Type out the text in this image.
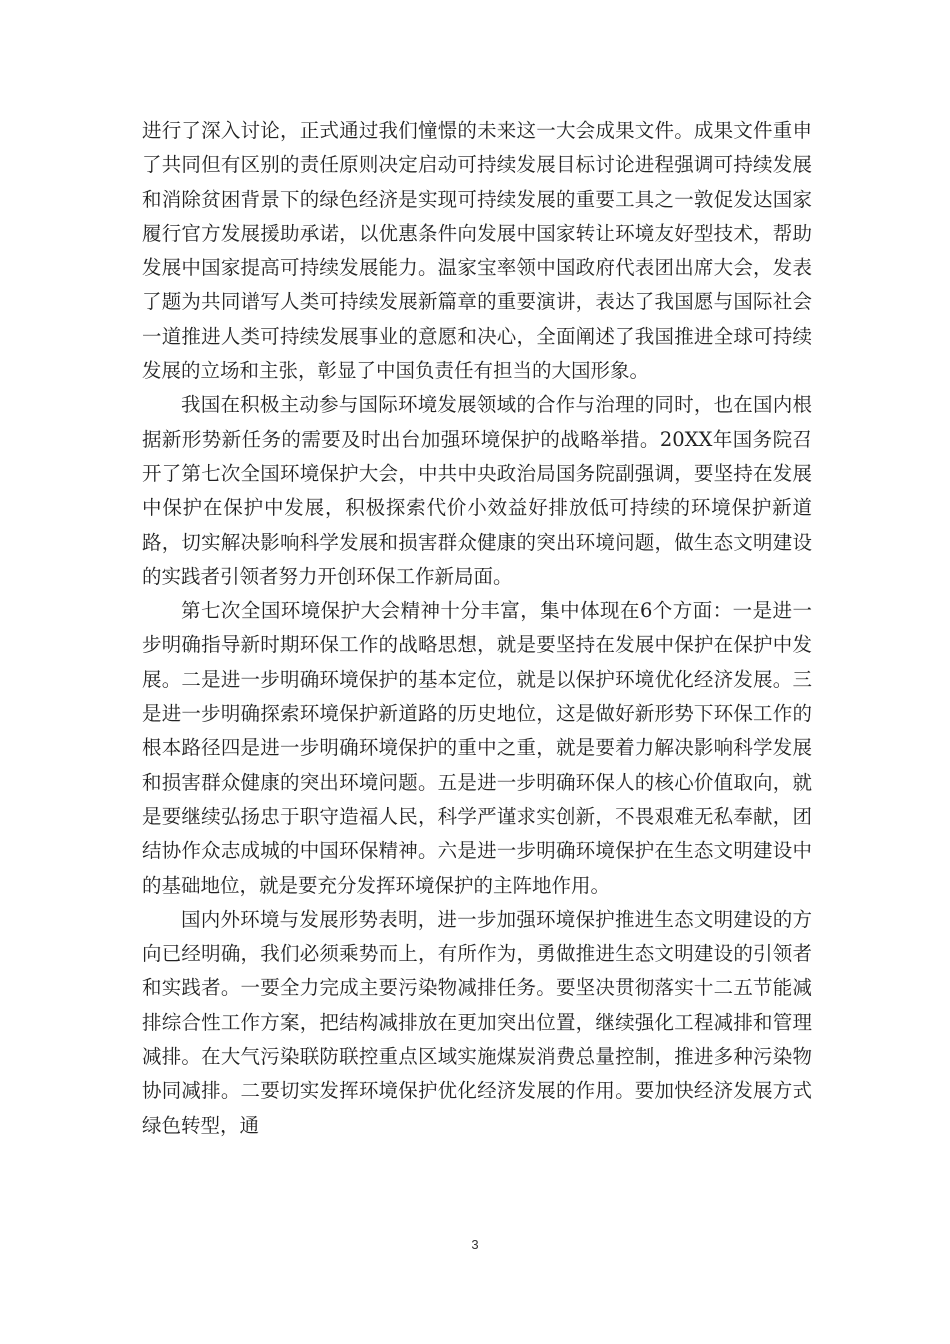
进行了深入讨论，正式通过我们憧憬的未来这一大会成果文件。成果文件重申了共同但有区别的责任原则决定启动可持续发展目标讨论进程强调可持续发展和消除贫困背景下的绿色经济是实现可持续发展的重要工具之一敦促发达国家履行官方发展援助承诺，以优惠条件向发展中国家转让环境友好型技术，帮助发展中国家提高可持续发展能力。温家宝率领中国政府代表团出席大会，发表了题为共同谱写人类可持续发展新篇章的重要演讲，表达了我国愿与国际社会一道推进人类可持续发展事业的意愿和决心，全面阐述了我国推进全球可持续发展的立场和主张，彰显了中国负责任有担当的大国形象。

我国在积极主动参与国际环境发展领域的合作与治理的同时，也在国内根据新形势新任务的需要及时出台加强环境保护的战略举措。20XX年国务院召开了第七次全国环境保护大会，中共中央政治局国务院副强调，要坚持在发展中保护在保护中发展，积极探索代价小效益好排放低可持续的环境保护新道路，切实解决影响科学发展和损害群众健康的突出环境问题，做生态文明建设的实践者引领者努力开创环保工作新局面。

第七次全国环境保护大会精神十分丰富，集中体现在6个方面：一是进一步明确指导新时期环保工作的战略思想，就是要坚持在发展中保护在保护中发展。二是进一步明确环境保护的基本定位，就是以保护环境优化经济发展。三是进一步明确探索环境保护新道路的历史地位，这是做好新形势下环保工作的根本路径四是进一步明确环境保护的重中之重，就是要着力解决影响科学发展和损害群众健康的突出环境问题。五是进一步明确环保人的核心价值取向，就是要继续弘扬忠于职守造福人民，科学严谨求实创新，不畏艰难无私奉献，团结协作众志成城的中国环保精神。六是进一步明确环境保护在生态文明建设中的基础地位，就是要充分发挥环境保护的主阵地作用。

国内外环境与发展形势表明，进一步加强环境保护推进生态文明建设的方向已经明确，我们必须乘势而上，有所作为，勇做推进生态文明建设的引领者和实践者。一要全力完成主要污染物减排任务。要坚决贯彻落实十二五节能减排综合性工作方案，把结构减排放在更加突出位置，继续强化工程减排和管理减排。在大气污染联防联控重点区域实施煤炭消费总量控制，推进多种污染物协同减排。二要切实发挥环境保护优化经济发展的作用。要加快经济发展方式绿色转型，通

3
